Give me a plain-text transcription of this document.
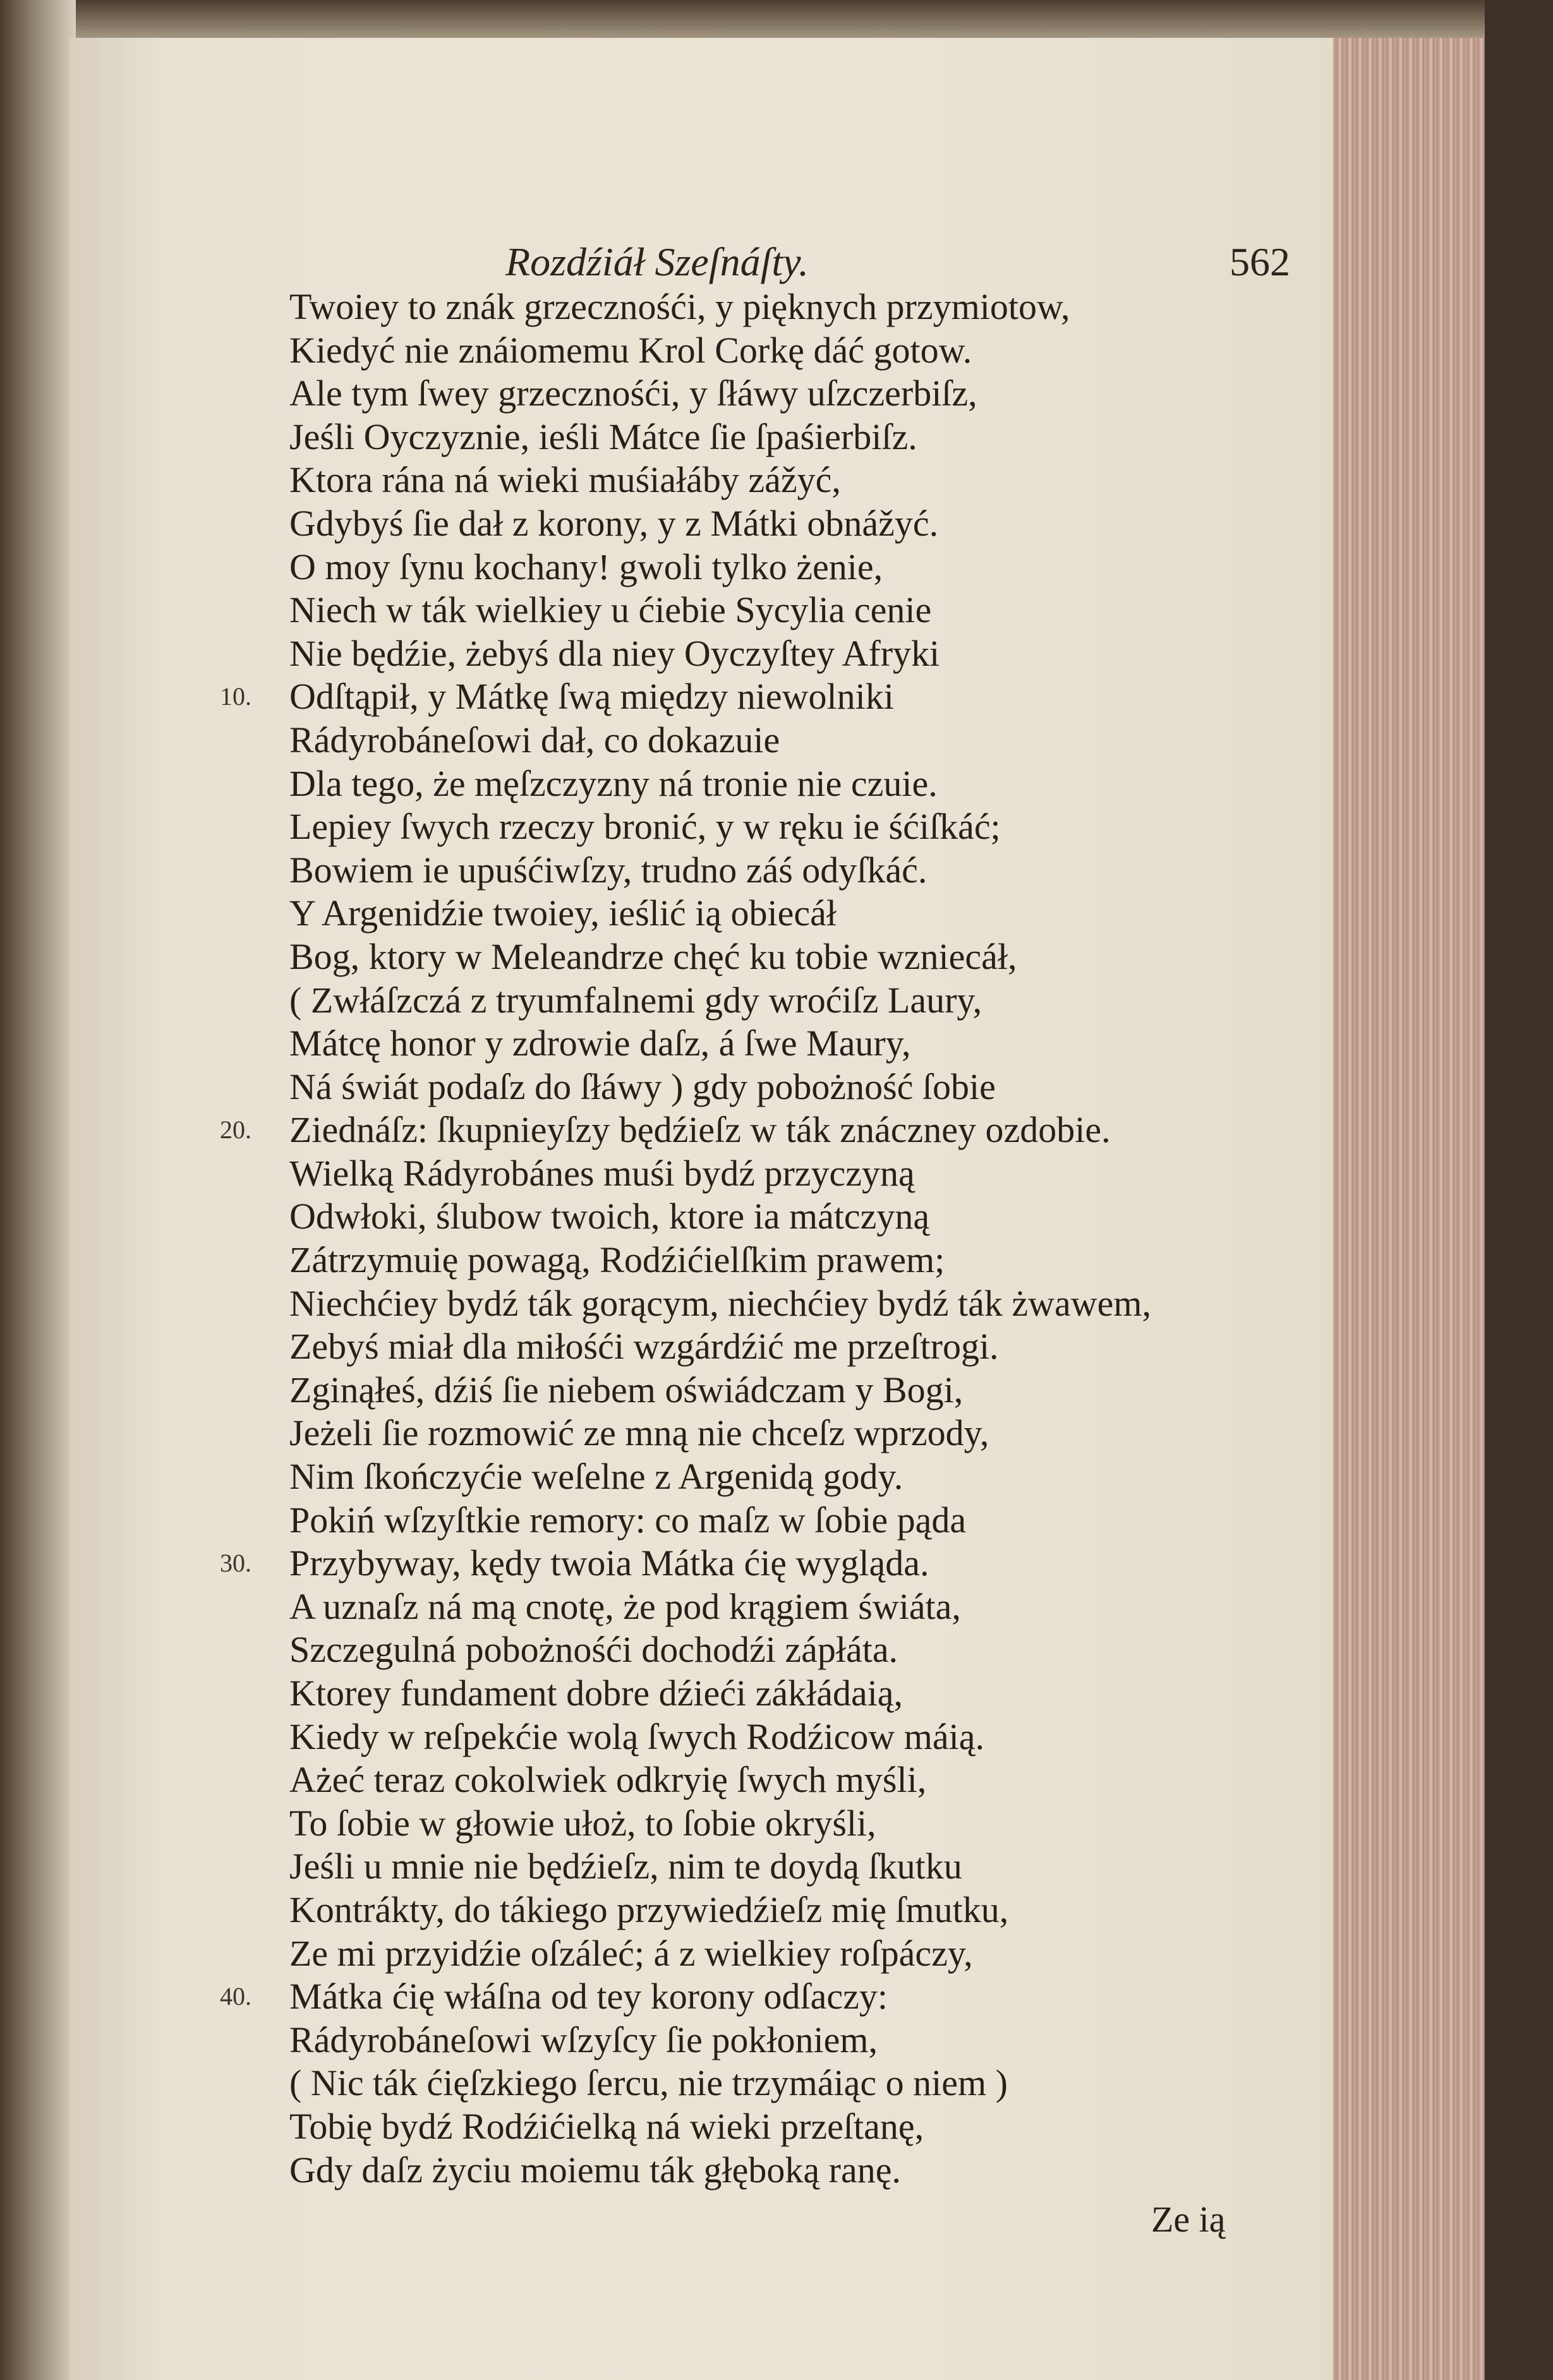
Rozdźiáł Szeſnáſty.	562
Twoiey to znák grzecznośći, y pięknych przymiotow,
Kiedyć nie znáiomemu Krol Corkę dáć gotow.
Ale tym ſwey grzecznośći, y ſłáwy uſzczerbiſz,
Jeśli Oyczyznie, ieśli Mátce ſie ſpaśierbiſz.
Ktora rána ná wieki muśiałáby zážyć,
Gdybyś ſie dał z korony, y z Mátki obnážyć.
O moy ſynu kochany! gwoli tylko żenie,
Niech w ták wielkiey u ćiebie Sycylia cenie
Nie będźie, żebyś dla niey Oyczyſtey Afryki
10. Odſtąpił, y Mátkę ſwą między niewolniki
Rádyrobáneſowi dał, co dokazuie
Dla tego, że męſzczyzny ná tronie nie czuie.
Lepiey ſwych rzeczy bronić, y w ręku ie śćiſkáć;
Bowiem ie upuśćiwſzy, trudno záś odyſkáć.
Y Argenidźie twoiey, ieślić ią obiecáł
Bog, ktory w Meleandrze chęć ku tobie wzniecáł,
( Zwłáſzczá z tryumfalnemi gdy wroćiſz Laury,
Mátcę honor y zdrowie daſz, á ſwe Maury,
Ná świát podaſz do ſłáwy ) gdy pobożność ſobie
20. Ziednáſz: ſkupnieyſzy będźieſz w ták znáczney ozdobie.
Wielką Rádyrobánes muśi bydź przyczyną
Odwłoki, ślubow twoich, ktore ia mátczyną
Zátrzymuię powagą, Rodźićielſkim prawem;
Niechćiey bydź ták gorącym, niechćiey bydź ták żwawem,
Zebyś miał dla miłośći wzgárdźić me przeſtrogi.
Zginąłeś, dźiś ſie niebem oświádczam y Bogi,
Jeżeli ſie rozmowić ze mną nie chceſz wprzody,
Nim ſkończyćie weſelne z Argenidą gody.
Pokiń wſzyſtkie remory: co maſz w ſobie pąda
30. Przybyway, kędy twoia Mátka ćię wygląda.
A uznaſz ná mą cnotę, że pod krągiem świáta,
Szczegulná pobożnośći dochodźi zápłáta.
Ktorey fundament dobre dźieći zákłádaią,
Kiedy w reſpekćie wolą ſwych Rodźicow máią.
Ażeć teraz cokolwiek odkryię ſwych myśli,
To ſobie w głowie ułoż, to ſobie okryśli,
Jeśli u mnie nie będźieſz, nim te doydą ſkutku
Kontrákty, do tákiego przywiedźieſz mię ſmutku,
Ze mi przyidźie oſzáleć; á z wielkiey roſpáczy,
40. Mátka ćię włáſna od tey korony odſaczy:
Rádyrobáneſowi wſzyſcy ſie pokłoniem,
( Nic ták ćięſzkiego ſercu, nie trzymáiąc o niem )
Tobię bydź Rodźićielką ná wieki przeſtanę,
Gdy daſz życiu moiemu ták głęboką ranę.
Ze ią
